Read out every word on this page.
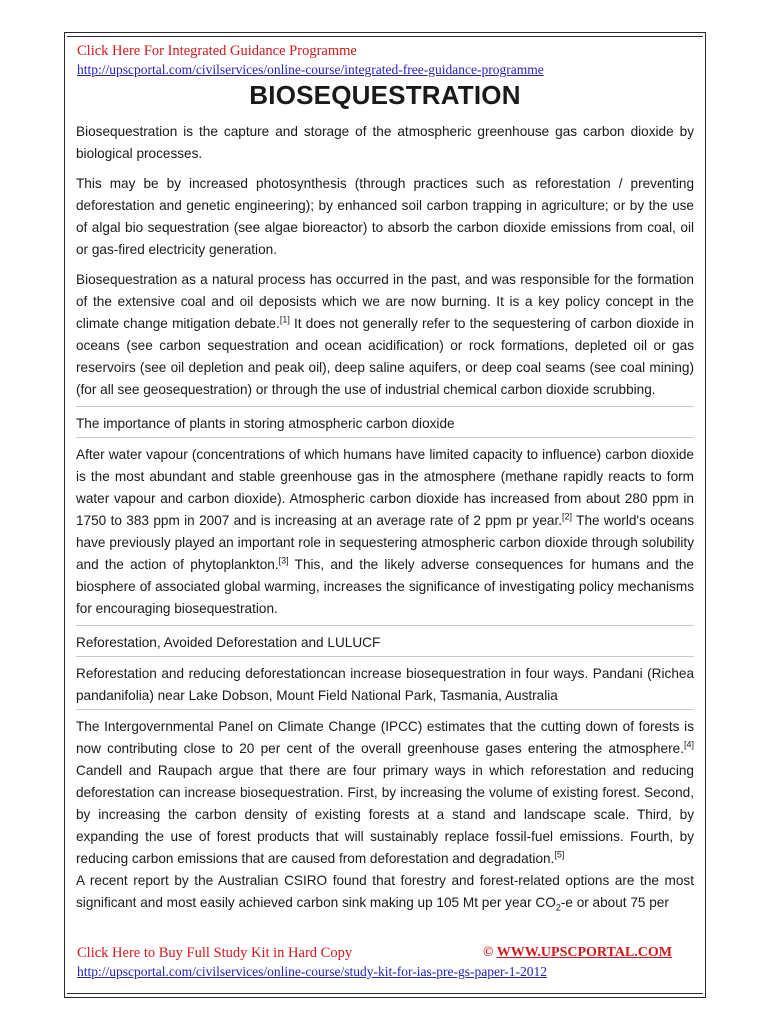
Click Here For Integrated Guidance Programme
http://upscportal.com/civilservices/online-course/integrated-free-guidance-programme
BIOSEQUESTRATION

Biosequestration is the capture and storage of the atmospheric greenhouse gas carbon dioxide by biological processes.

This may be by increased photosynthesis (through practices such as reforestation / preventing deforestation and genetic engineering); by enhanced soil carbon trapping in agriculture; or by the use of algal bio sequestration (see algae bioreactor) to absorb the carbon dioxide emissions from coal, oil or gas-fired electricity generation.

Biosequestration as a natural process has occurred in the past, and was responsible for the formation of the extensive coal and oil deposists which we are now burning. It is a key policy concept in the climate change mitigation debate.[1] It does not generally refer to the sequestering of carbon dioxide in oceans (see carbon sequestration and ocean acidification) or rock formations, depleted oil or gas reservoirs (see oil depletion and peak oil), deep saline aquifers, or deep coal seams (see coal mining) (for all see geosequestration) or through the use of industrial chemical carbon dioxide scrubbing.

The importance of plants in storing atmospheric carbon dioxide

After water vapour (concentrations of which humans have limited capacity to influence) carbon dioxide is the most abundant and stable greenhouse gas in the atmosphere (methane rapidly reacts to form water vapour and carbon dioxide). Atmospheric carbon dioxide has increased from about 280 ppm in 1750 to 383 ppm in 2007 and is increasing at an average rate of 2 ppm pr year.[2] The world's oceans have previously played an important role in sequestering atmospheric carbon dioxide through solubility and the action of phytoplankton.[3] This, and the likely adverse consequences for humans and the biosphere of associated global warming, increases the significance of investigating policy mechanisms for encouraging biosequestration.

Reforestation, Avoided Deforestation and LULUCF

Reforestation and reducing deforestationcan increase biosequestration in four ways. Pandani (Richea pandanifolia) near Lake Dobson, Mount Field National Park, Tasmania, Australia

The Intergovernmental Panel on Climate Change (IPCC) estimates that the cutting down of forests is now contributing close to 20 per cent of the overall greenhouse gases entering the atmosphere.[4] Candell and Raupach argue that there are four primary ways in which reforestation and reducing deforestation can increase biosequestration. First, by increasing the volume of existing forest. Second, by increasing the carbon density of existing forests at a stand and landscape scale. Third, by expanding the use of forest products that will sustainably replace fossil-fuel emissions. Fourth, by reducing carbon emissions that are caused from deforestation and degradation.[5]

A recent report by the Australian CSIRO found that forestry and forest-related options are the most significant and most easily achieved carbon sink making up 105 Mt per year $CO_2-e$ or about 75 per

Click Here to Buy Full Study Kit in Hard Copy	© WWW.UPSCPORTAL.COM
http://upscportal.com/civilservices/online-course/study-kit-for-ias-pre-gs-paper-1-2012
